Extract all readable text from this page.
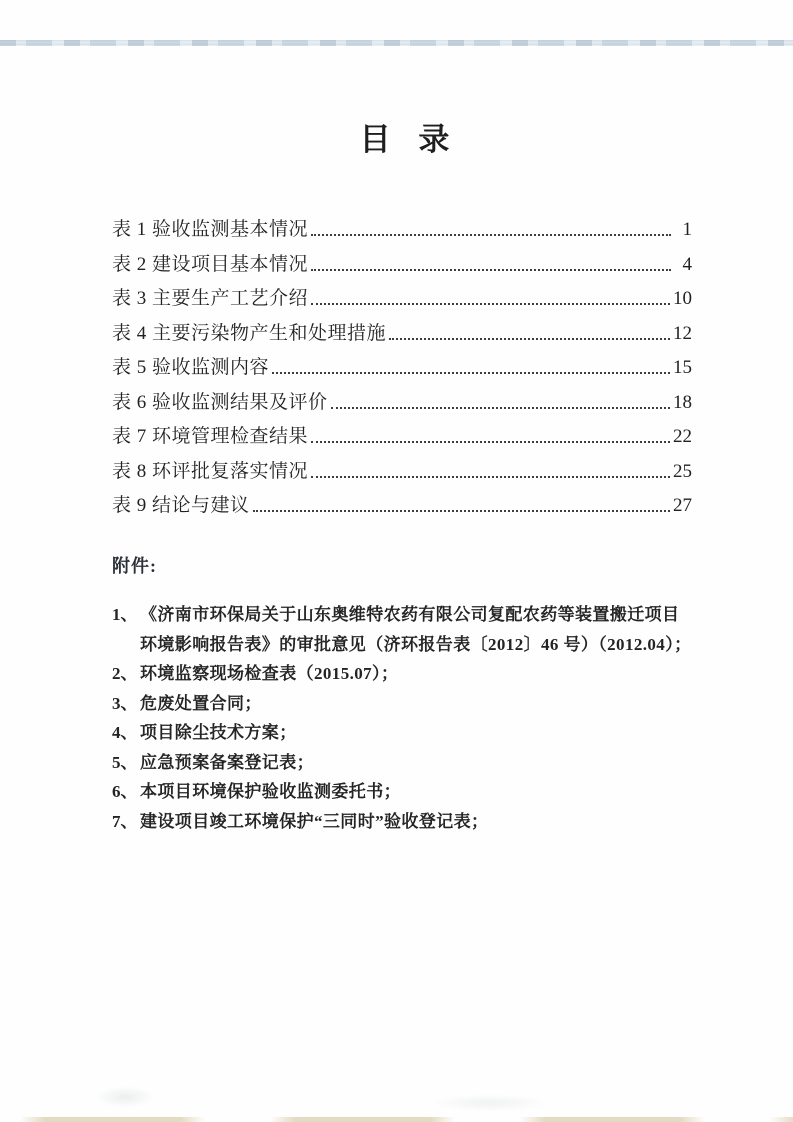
目 录
表 1 验收监测基本情况	1
表 2 建设项目基本情况	4
表 3 主要生产工艺介绍	10
表 4 主要污染物产生和处理措施	12
表 5 验收监测内容	15
表 6 验收监测结果及评价	18
表 7 环境管理检查结果	22
表 8 环评批复落实情况	25
表 9 结论与建议	27
附件:
1、 《济南市环保局关于山东奥维特农药有限公司复配农药等装置搬迁项目环境影响报告表》的审批意见（济环报告表〔2012〕46 号）（2012.04）；
2、 环境监察现场检查表（2015.07）；
3、 危废处置合同；
4、 项目除尘技术方案；
5、 应急预案备案登记表；
6、 本项目环境保护验收监测委托书；
7、 建设项目竣工环境保护“三同时”验收登记表；
